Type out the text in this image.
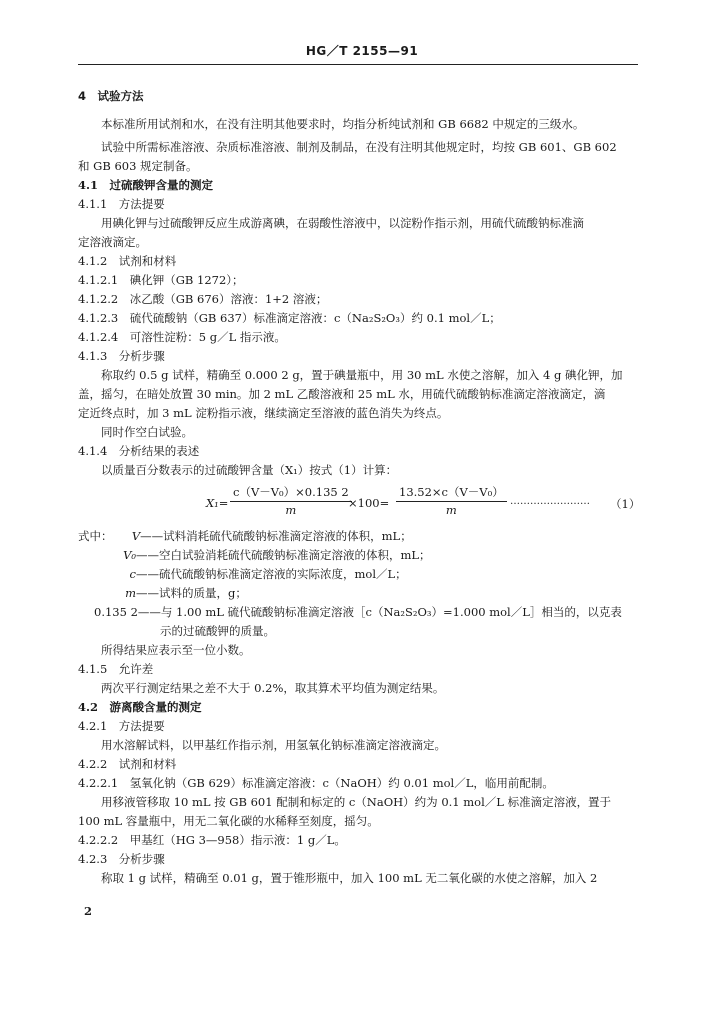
HG／T 2155—91
4　试验方法
本标准所用试剂和水，在没有注明其他要求时，均指分析纯试剂和 GB 6682 中规定的三级水。
试验中所需标准溶液、杂质标准溶液、制剂及制品，在没有注明其他规定时，均按 GB 601、GB 602
和 GB 603 规定制备。
4.1　过硫酸钾含量的测定
4.1.1　方法提要
用碘化钾与过硫酸钾反应生成游离碘，在弱酸性溶液中，以淀粉作指示剂，用硫代硫酸钠标准滴
定溶液滴定。
4.1.2　试剂和材料
4.1.2.1　碘化钾（GB 1272）；
4.1.2.2　冰乙酸（GB 676）溶液：1+2 溶液；
4.1.2.3　硫代硫酸钠（GB 637）标准滴定溶液：c（Na₂S₂O₃）约 0.1 mol／L；
4.1.2.4　可溶性淀粉：5 g／L 指示液。
4.1.3　分析步骤
称取约 0.5 g 试样，精确至 0.000 2 g，置于碘量瓶中，用 30 mL 水使之溶解，加入 4 g 碘化钾，加
盖，摇匀，在暗处放置 30 min。加 2 mL 乙酸溶液和 25 mL 水，用硫代硫酸钠标准滴定溶液滴定，滴
定近终点时，加 3 mL 淀粉指示液，继续滴定至溶液的蓝色消失为终点。
同时作空白试验。
4.1.4　分析结果的表述
以质量百分数表示的过硫酸钾含量（X₁）按式（1）计算：
$X_1= \frac{\text{c（V－V₀）×0.135 2}}{m}$
$\times 100= \frac{\text{13.52×c（V－V₀）}}{m}$ …………………… （1）
式中： V——试料消耗硫代硫酸钠标准滴定溶液的体积，mL；
V₀——空白试验消耗硫代硫酸钠标准滴定溶液的体积，mL；
c——硫代硫酸钠标准滴定溶液的实际浓度，mol／L；
m——试料的质量，g；
0.135 2——与 1.00 mL 硫代硫酸钠标准滴定溶液［c（Na₂S₂O₃）=1.000 mol／L］相当的，以克表
示的过硫酸钾的质量。
所得结果应表示至一位小数。
4.1.5　允许差
两次平行测定结果之差不大于 0.2%，取其算术平均值为测定结果。
4.2　游离酸含量的测定
4.2.1　方法提要
用水溶解试料，以甲基红作指示剂，用氢氧化钠标准滴定溶液滴定。
4.2.2　试剂和材料
4.2.2.1　氢氧化钠（GB 629）标准滴定溶液：c（NaOH）约 0.01 mol／L，临用前配制。
用移液管移取 10 mL 按 GB 601 配制和标定的 c（NaOH）约为 0.1 mol／L 标准滴定溶液，置于
100 mL 容量瓶中，用无二氧化碳的水稀释至刻度，摇匀。
4.2.2.2　甲基红（HG 3—958）指示液：1 g／L。
4.2.3　分析步骤
称取 1 g 试样，精确至 0.01 g，置于锥形瓶中，加入 100 mL 无二氧化碳的水使之溶解，加入 2
2
